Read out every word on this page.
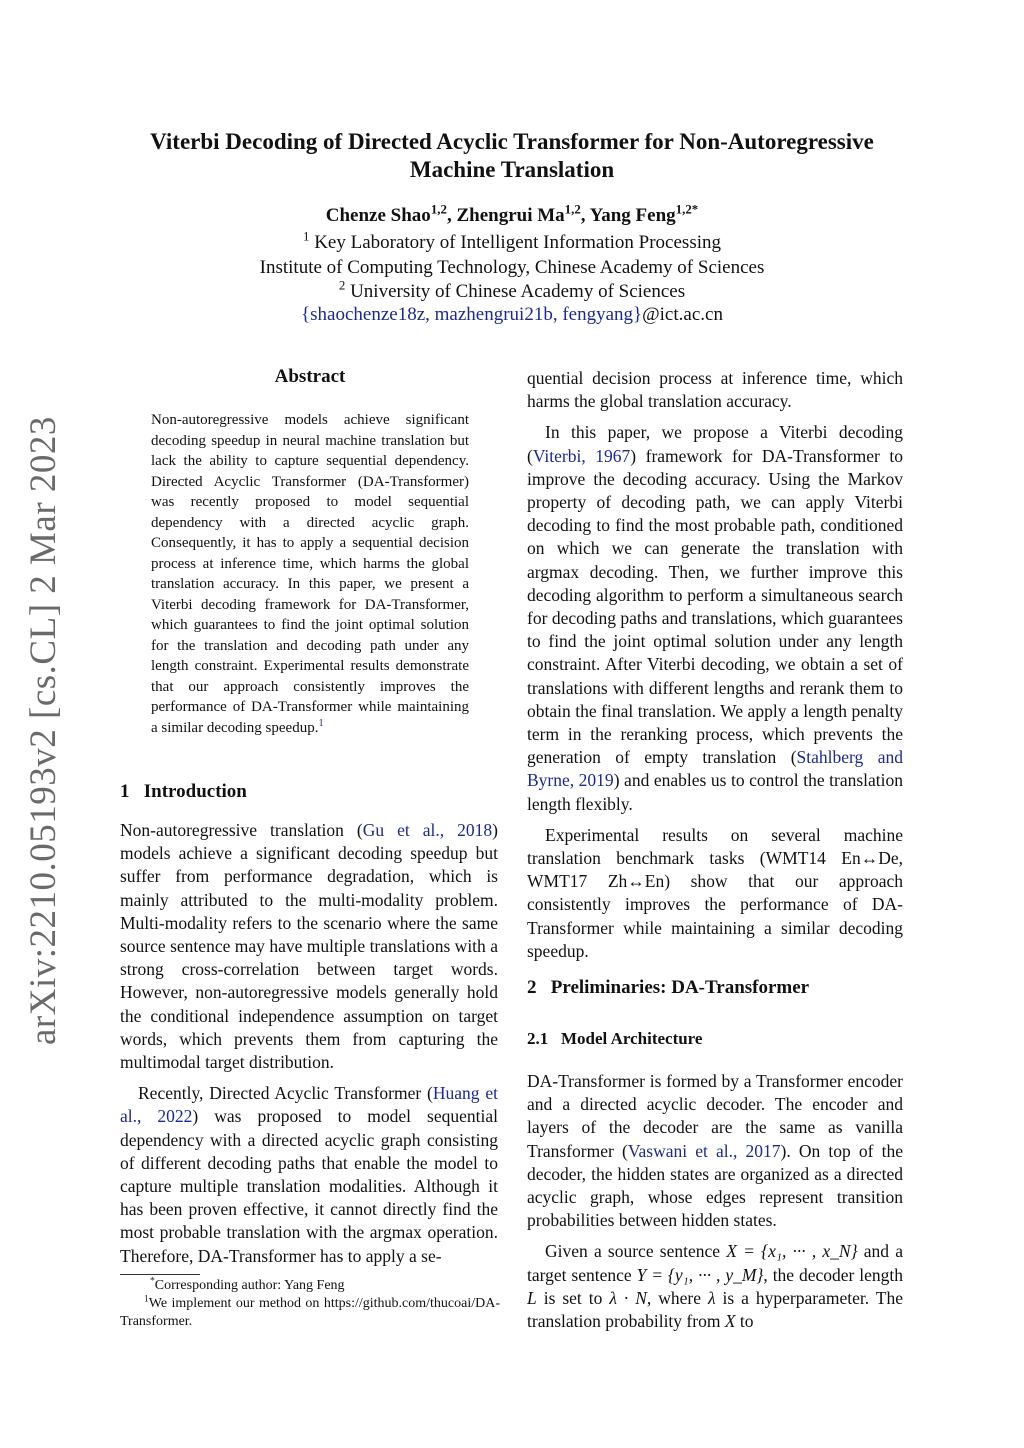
Viterbi Decoding of Directed Acyclic Transformer for Non-Autoregressive
Machine Translation
Chenze Shao$^{1,2}$, Zhengrui Ma$^{1,2}$, Yang Feng$^{1,2*}$
$^1$ Key Laboratory of Intelligent Information Processing
Institute of Computing Technology, Chinese Academy of Sciences
$^2$ University of Chinese Academy of Sciences
{shaochenze18z, mazhengrui21b, fengyang}@ict.ac.cn
arXiv:2210.05193v2 [cs.CL] 2 Mar 2023
Abstract
Non-autoregressive models achieve significant decoding speedup in neural machine translation but lack the ability to capture sequential dependency. Directed Acyclic Transformer (DA-Transformer) was recently proposed to model sequential dependency with a directed acyclic graph. Consequently, it has to apply a sequential decision process at inference time, which harms the global translation accuracy. In this paper, we present a Viterbi decoding framework for DA-Transformer, which guarantees to find the joint optimal solution for the translation and decoding path under any length constraint. Experimental results demonstrate that our approach consistently improves the performance of DA-Transformer while maintaining a similar decoding speedup.$^1$
1 Introduction

Non-autoregressive translation (Gu et al., 2018) models achieve a significant decoding speedup but suffer from performance degradation, which is mainly attributed to the multi-modality problem. Multi-modality refers to the scenario where the same source sentence may have multiple translations with a strong cross-correlation between target words. However, non-autoregressive models generally hold the conditional independence assumption on target words, which prevents them from capturing the multimodal target distribution.

Recently, Directed Acyclic Transformer (Huang et al., 2022) was proposed to model sequential dependency with a directed acyclic graph consisting of different decoding paths that enable the model to capture multiple translation modalities. Although it has been proven effective, it cannot directly find the most probable translation with the argmax operation. Therefore, DA-Transformer has to apply a se-

quential decision process at inference time, which harms the global translation accuracy.

In this paper, we propose a Viterbi decoding (Viterbi, 1967) framework for DA-Transformer to improve the decoding accuracy. Using the Markov property of decoding path, we can apply Viterbi decoding to find the most probable path, conditioned on which we can generate the translation with argmax decoding. Then, we further improve this decoding algorithm to perform a simultaneous search for decoding paths and translations, which guarantees to find the joint optimal solution under any length constraint. After Viterbi decoding, we obtain a set of translations with different lengths and rerank them to obtain the final translation. We apply a length penalty term in the reranking process, which prevents the generation of empty translation (Stahlberg and Byrne, 2019) and enables us to control the translation length flexibly.

Experimental results on several machine translation benchmark tasks (WMT14 En↔De, WMT17 Zh↔En) show that our approach consistently improves the performance of DA-Transformer while maintaining a similar decoding speedup.

2 Preliminaries: DA-Transformer
2.1 Model Architecture

DA-Transformer is formed by a Transformer encoder and a directed acyclic decoder. The encoder and layers of the decoder are the same as vanilla Transformer (Vaswani et al., 2017). On top of the decoder, the hidden states are organized as a directed acyclic graph, whose edges represent transition probabilities between hidden states.

Given a source sentence X = {x₁, ··· , x_N} and a target sentence Y = {y₁, ··· , y_M}, the decoder length L is set to λ · N, where λ is a hyperparameter. The translation probability from X to

*Corresponding author: Yang Feng
$^1$We implement our method on https://github.com/thucoai/DA-Transformer.
